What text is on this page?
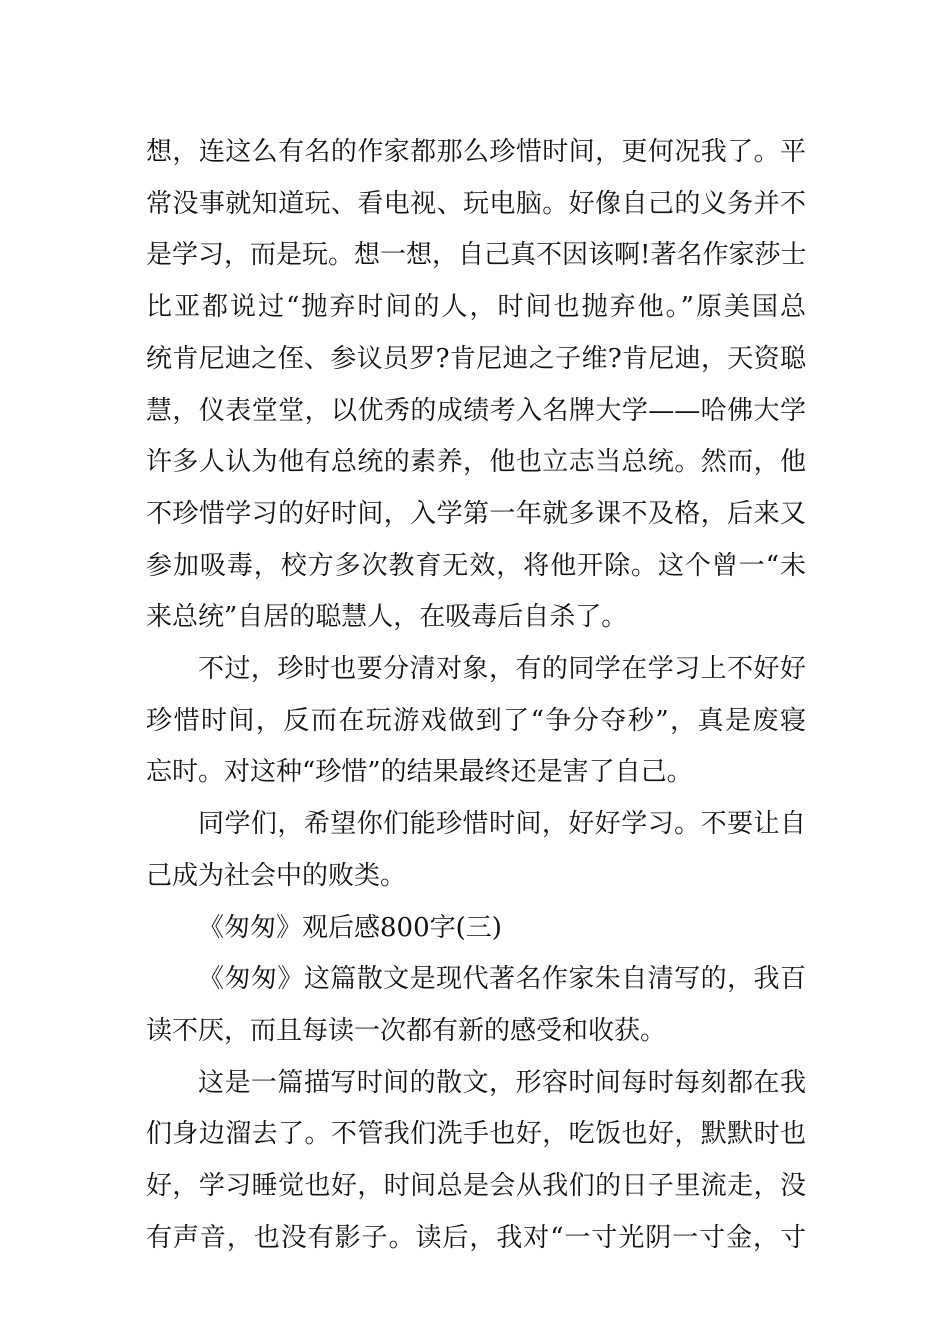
想，连这么有名的作家都那么珍惜时间，更何况我了。平
常没事就知道玩、看电视、玩电脑。好像自己的义务并不
是学习，而是玩。想一想，自己真不因该啊!著名作家莎士
比亚都说过“抛弃时间的人，时间也抛弃他。”原美国总
统肯尼迪之侄、参议员罗?肯尼迪之子维?肯尼迪，天资聪
慧，仪表堂堂，以优秀的成绩考入名牌大学——哈佛大学
许多人认为他有总统的素养，他也立志当总统。然而，他
不珍惜学习的好时间，入学第一年就多课不及格，后来又
参加吸毒，校方多次教育无效，将他开除。这个曾一“未
来总统”自居的聪慧人，在吸毒后自杀了。
不过，珍时也要分清对象，有的同学在学习上不好好
珍惜时间，反而在玩游戏做到了“争分夺秒”，真是废寝
忘时。对这种“珍惜”的结果最终还是害了自己。
同学们，希望你们能珍惜时间，好好学习。不要让自
己成为社会中的败类。
《匆匆》观后感800字(三)
《匆匆》这篇散文是现代著名作家朱自清写的，我百
读不厌，而且每读一次都有新的感受和收获。
这是一篇描写时间的散文，形容时间每时每刻都在我
们身边溜去了。不管我们洗手也好，吃饭也好，默默时也
好，学习睡觉也好，时间总是会从我们的日子里流走，没
有声音，也没有影子。读后，我对“一寸光阴一寸金，寸
